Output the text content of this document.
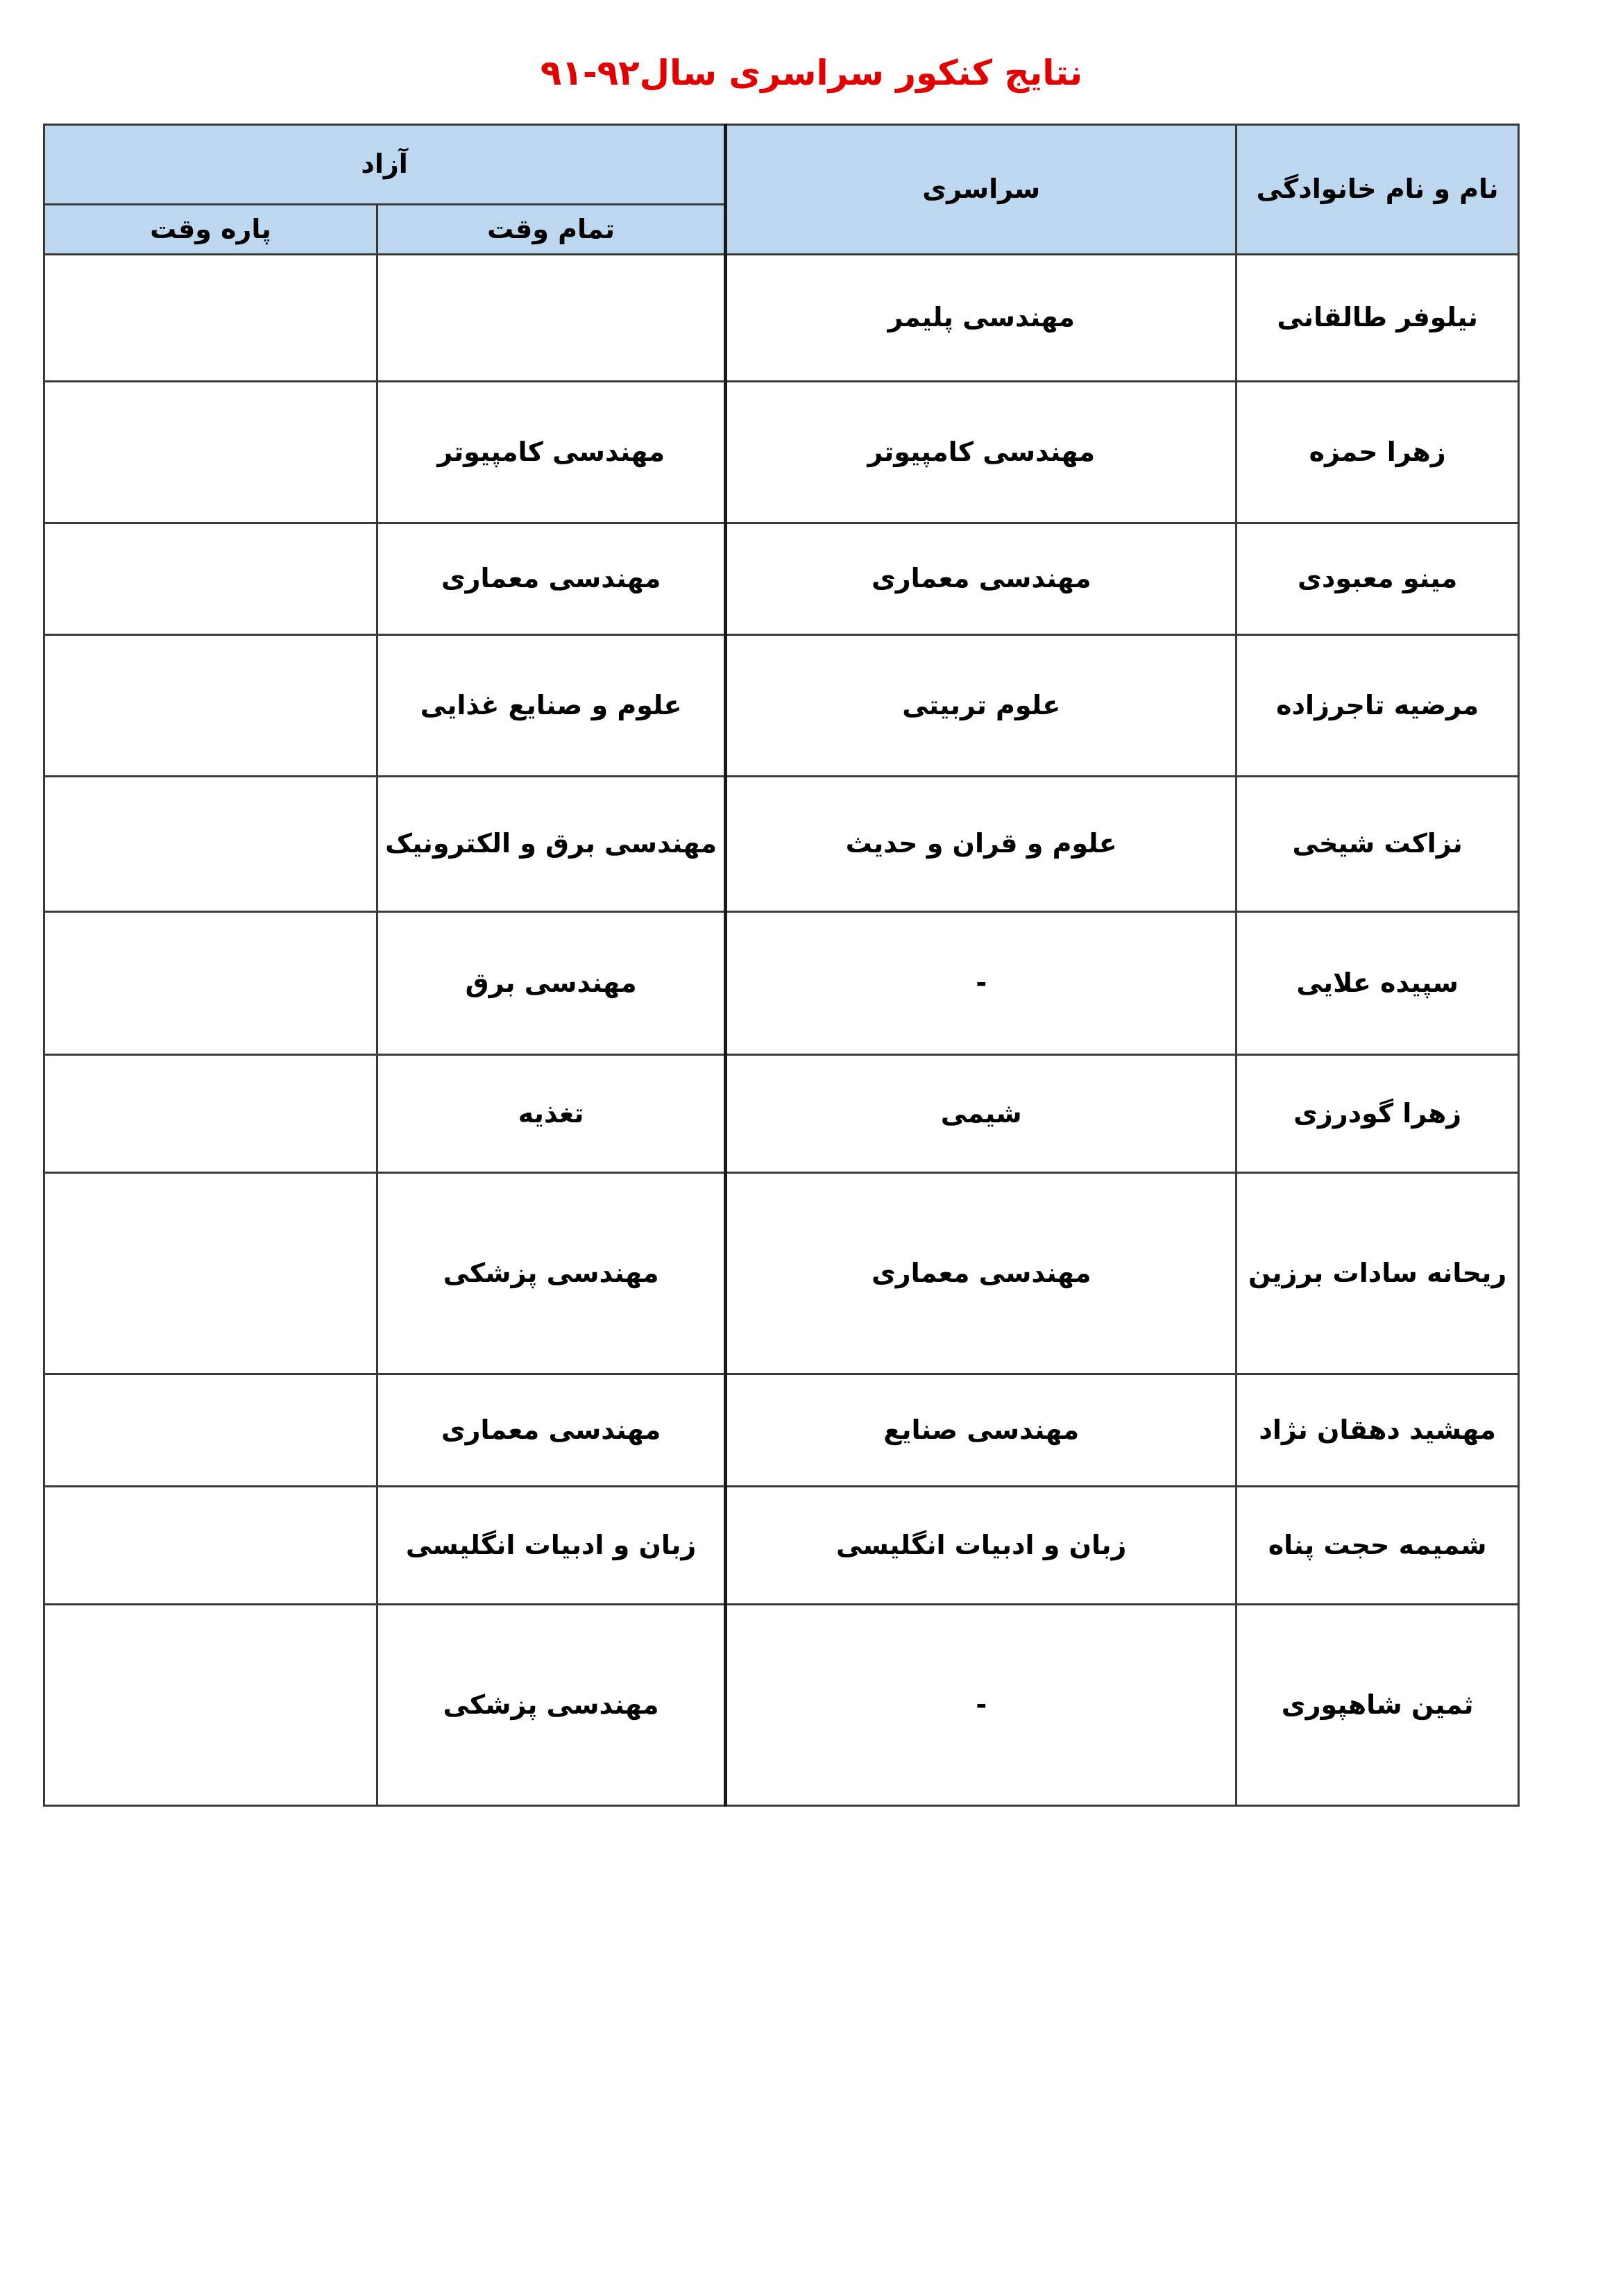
نتایج کنکور سراسری سال۹۲-۹۱
آزاد		سراسری	نام و نام خانوادگی
پاره وقت	تمام وقت		
		مهندسی پلیمر	نیلوفر طالقانی
	مهندسی کامپیوتر	مهندسی کامپیوتر	زهرا حمزه
	مهندسی معماری	مهندسی معماری	مینو معبودی
	علوم و صنایع غذایی	علوم تربیتی	مرضیه تاجرزاده
	مهندسی برق و الکترونیک	علوم و قران و حدیث	نزاکت شیخی
	مهندسی برق	-	سپیده علایی
	تغذیه	شیمی	زهرا گودرزی
	مهندسی پزشکی	مهندسی معماری	ریحانه سادات برزین
	مهندسی معماری	مهندسی صنایع	مهشید دهقان نژاد
	زبان و ادبیات انگلیسی	زبان و ادبیات انگلیسی	شمیمه حجت پناه
	مهندسی پزشکی	-	ثمین شاهپوری
